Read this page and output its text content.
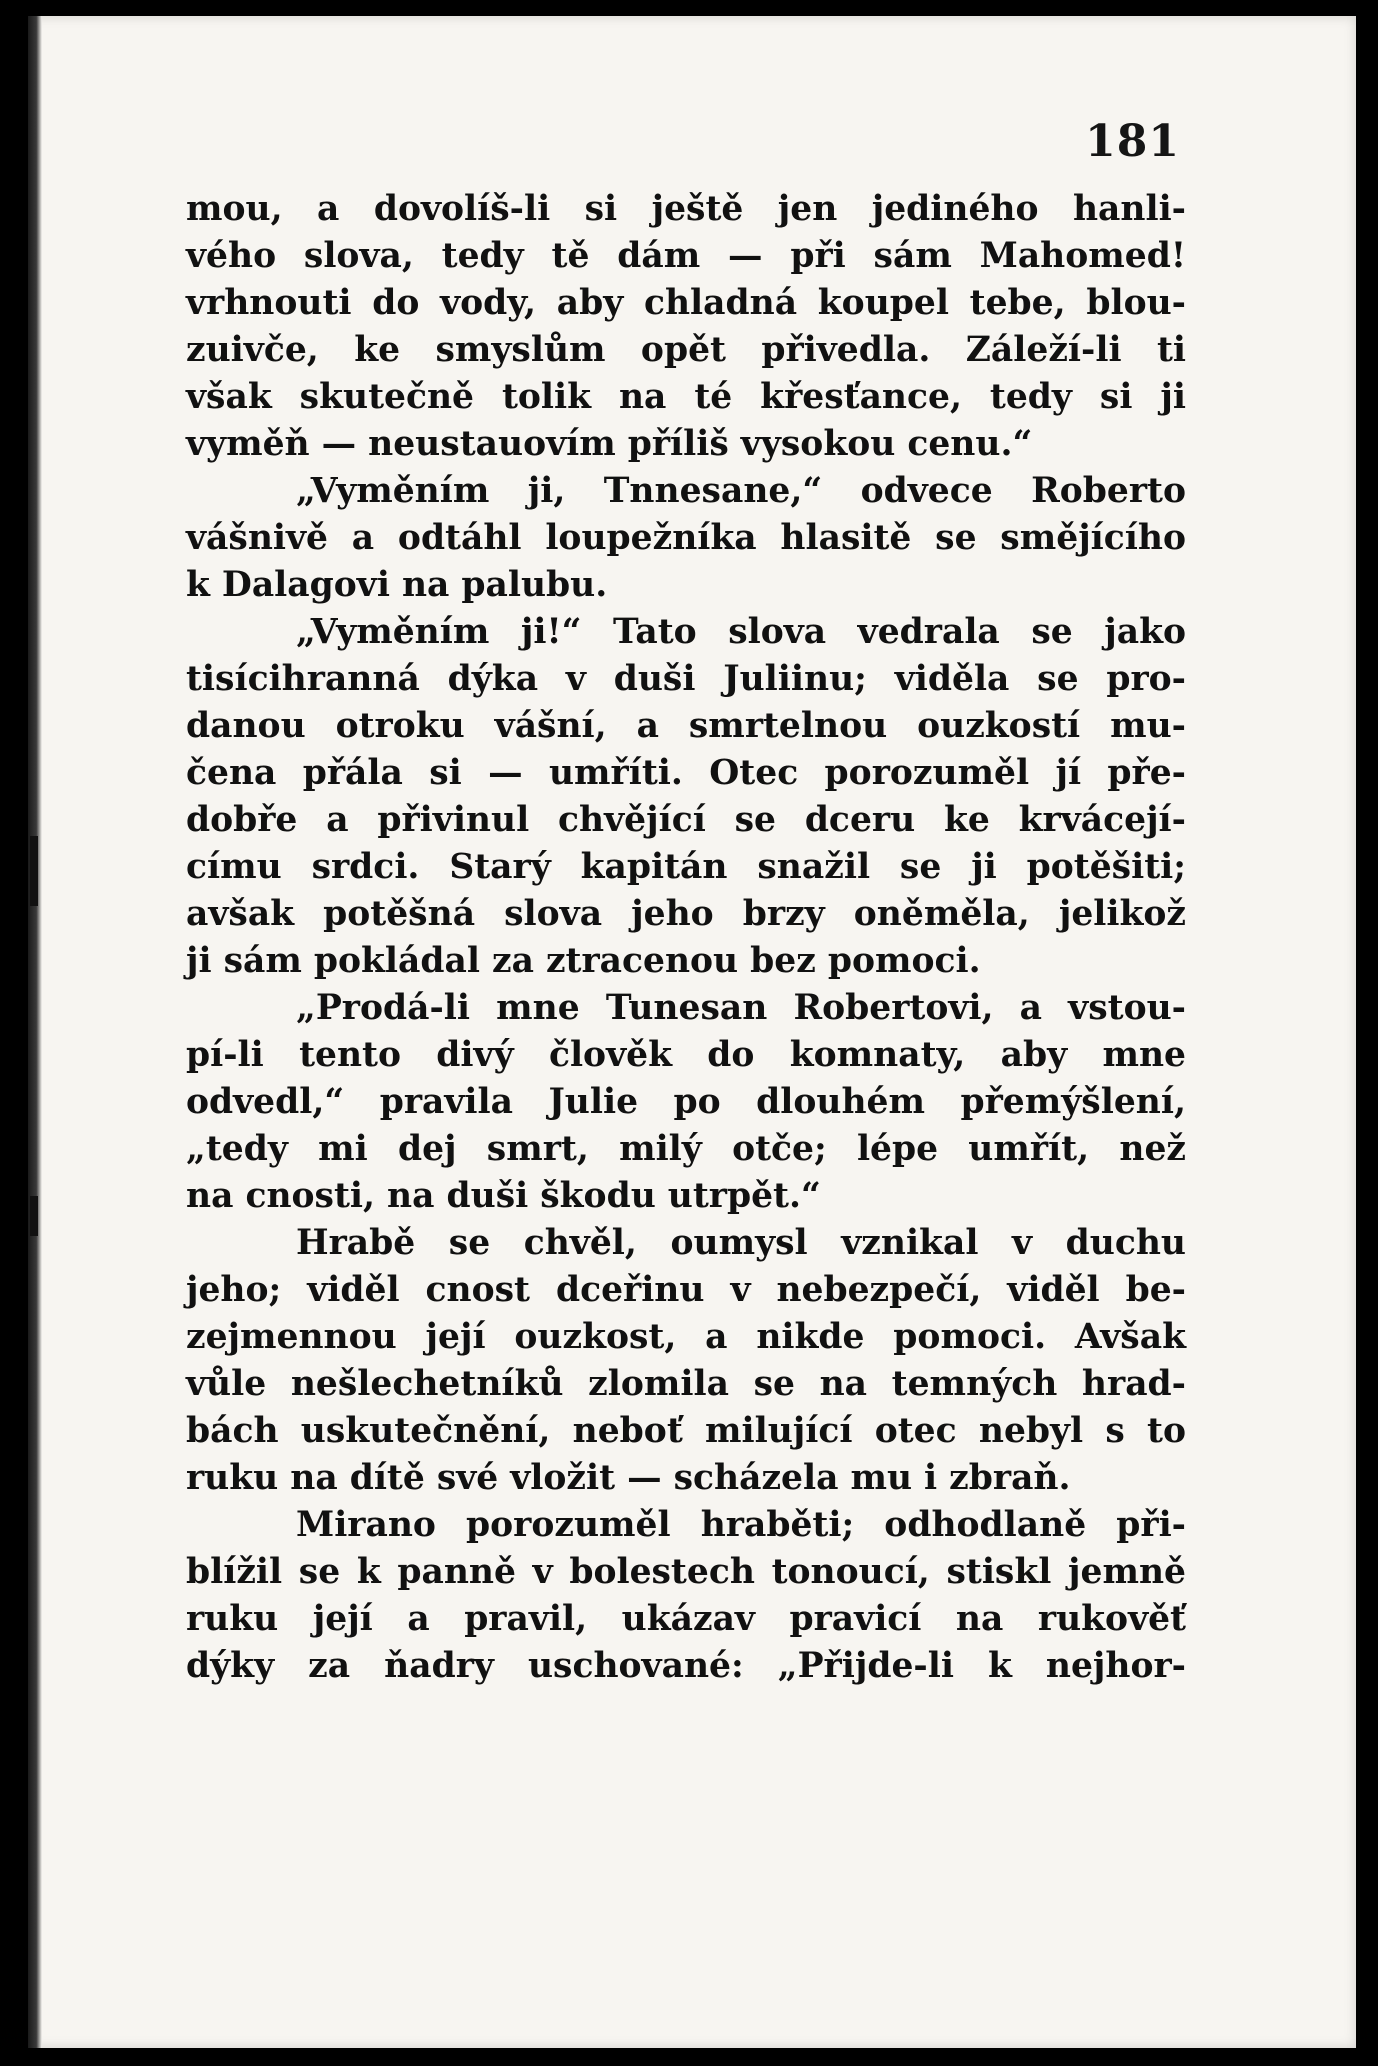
181
mou, a dovolíš-li si ještě jen jediného hanli-
vého slova, tedy tě dám — při sám Mahomed!
vrhnouti do vody, aby chladná koupel tebe, blou-
zuivče, ke smyslům opět přivedla. Záleží-li ti
však skutečně tolik na té křesťance, tedy si ji
vyměň — neustauovím příliš vysokou cenu.“
„Vyměním ji, Tnnesane,“ odvece Roberto
vášnivě a odtáhl loupežníka hlasitě se smějícího
k Dalagovi na palubu.
„Vyměním ji!“ Tato slova vedrala se jako
tisícihranná dýka v duši Juliinu; viděla se pro-
danou otroku vášní, a smrtelnou ouzkostí mu-
čena přála si — umříti. Otec porozuměl jí pře-
dobře a přivinul chvějící se dceru ke krvácejí-
címu srdci. Starý kapitán snažil se ji potěšiti;
avšak potěšná slova jeho brzy oněměla, jelikož
ji sám pokládal za ztracenou bez pomoci.
„Prodá-li mne Tunesan Robertovi, a vstou-
pí-li tento divý člověk do komnaty, aby mne
odvedl,“ pravila Julie po dlouhém přemýšlení,
„tedy mi dej smrt, milý otče; lépe umřít, než
na cnosti, na duši škodu utrpět.“
Hrabě se chvěl, oumysl vznikal v duchu
jeho; viděl cnost dceřinu v nebezpečí, viděl be-
zejmennou její ouzkost, a nikde pomoci. Avšak
vůle nešlechetníků zlomila se na temných hrad-
bách uskutečnění, neboť milující otec nebyl s to
ruku na dítě své vložit — scházela mu i zbraň.
Mirano porozuměl hraběti; odhodlaně při-
blížil se k panně v bolestech tonoucí, stiskl jemně
ruku její a pravil, ukázav pravicí na rukověť
dýky za ňadry uschované: „Přijde-li k nejhor-
